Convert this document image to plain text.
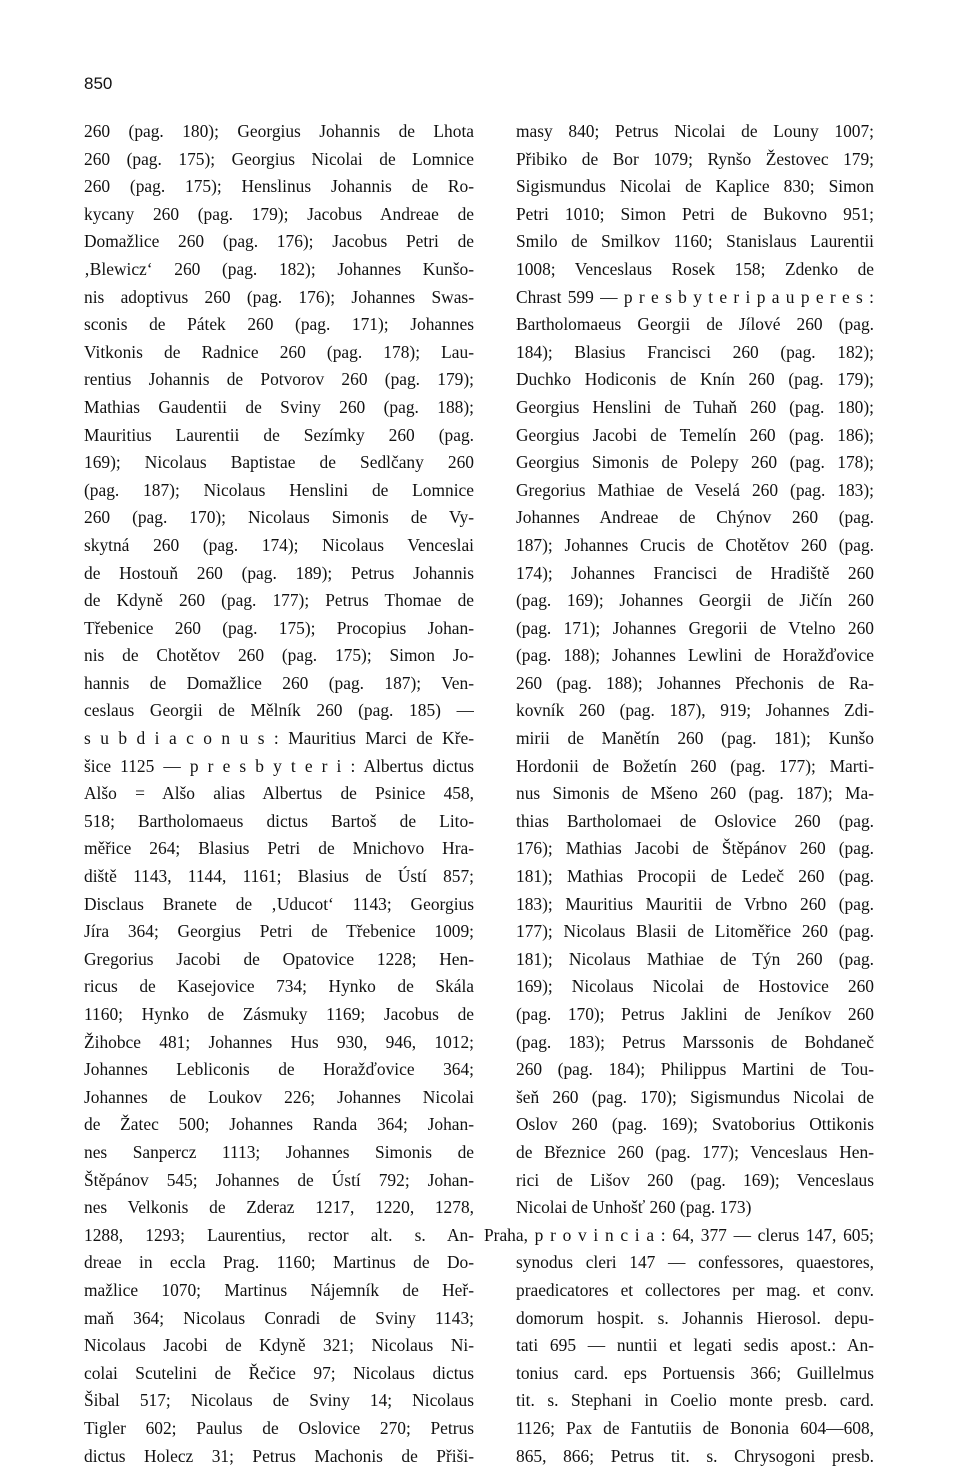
850
260 (pag. 180); Georgius Johannis de Lhota
260 (pag. 175); Georgius Nicolai de Lomnice
260 (pag. 175); Henslinus Johannis de Ro-
kycany 260 (pag. 179); Jacobus Andreae de
Domažlice 260 (pag. 176); Jacobus Petri de
‚Blewicz‘ 260 (pag. 182); Johannes Kunšo-
nis adoptivus 260 (pag. 176); Johannes Swas-
sconis de Pátek 260 (pag. 171); Johannes
Vitkonis de Radnice 260 (pag. 178); Lau-
rentius Johannis de Potvorov 260 (pag. 179);
Mathias Gaudentii de Sviny 260 (pag. 188);
Mauritius Laurentii de Sezímky 260 (pag.
169); Nicolaus Baptistae de Sedlčany 260
(pag. 187); Nicolaus Henslini de Lomnice
260 (pag. 170); Nicolaus Simonis de Vy-
skytná 260 (pag. 174); Nicolaus Venceslai
de Hostouň 260 (pag. 189); Petrus Johannis
de Kdyně 260 (pag. 177); Petrus Thomae de
Třebenice 260 (pag. 175); Procopius Johan-
nis de Chotětov 260 (pag. 175); Simon Jo-
hannis de Domažlice 260 (pag. 187); Ven-
ceslaus Georgii de Mělník 260 (pag. 185) —
s u b d i a c o n u s : Mauritius Marci de Kře-
šice 1125 — p r e s b y t e r i : Albertus dictus
Alšo = Alšo alias Albertus de Psinice 458,
518; Bartholomaeus dictus Bartoš de Lito-
měřice 264; Blasius Petri de Mnichovo Hra-
diště 1143, 1144, 1161; Blasius de Ústí 857;
Disclaus Branete de ‚Uducot‘ 1143; Georgius
Jíra 364; Georgius Petri de Třebenice 1009;
Gregorius Jacobi de Opatovice 1228; Hen-
ricus de Kasejovice 734; Hynko de Skála
1160; Hynko de Zásmuky 1169; Jacobus de
Žihobce 481; Johannes Hus 930, 946, 1012;
Johannes Lebliconis de Horažďovice 364;
Johannes de Loukov 226; Johannes Nicolai
de Žatec 500; Johannes Randa 364; Johan-
nes Sanpercz 1113; Johannes Simonis de
Štěpánov 545; Johannes de Ústí 792; Johan-
nes Velkonis de Zderaz 1217, 1220, 1278,
1288, 1293; Laurentius, rector alt. s. An-
dreae in eccla Prag. 1160; Martinus de Do-
mažlice 1070; Martinus Nájemník de Heř-
maň 364; Nicolaus Conradi de Sviny 1143;
Nicolaus Jacobi de Kdyně 321; Nicolaus Ni-
colai Scutelini de Řečice 97; Nicolaus dictus
Šibal 517; Nicolaus de Sviny 14; Nicolaus
Tigler 602; Paulus de Oslovice 270; Petrus
dictus Holecz 31; Petrus Machonis de Přiši-
masy 840; Petrus Nicolai de Louny 1007;
Přibiko de Bor 1079; Rynšo Žestovec 179;
Sigismundus Nicolai de Kaplice 830; Simon
Petri 1010; Simon Petri de Bukovno 951;
Smilo de Smilkov 1160; Stanislaus Laurentii
1008; Venceslaus Rosek 158; Zdenko de
Chrast 599 — p r e s b y t e r i p a u p e r e s :
Bartholomaeus Georgii de Jílové 260 (pag.
184); Blasius Francisci 260 (pag. 182);
Duchko Hodiconis de Knín 260 (pag. 179);
Georgius Henslini de Tuhaň 260 (pag. 180);
Georgius Jacobi de Temelín 260 (pag. 186);
Georgius Simonis de Polepy 260 (pag. 178);
Gregorius Mathiae de Veselá 260 (pag. 183);
Johannes Andreae de Chýnov 260 (pag.
187); Johannes Crucis de Chotětov 260 (pag.
174); Johannes Francisci de Hradiště 260
(pag. 169); Johannes Georgii de Jičín 260
(pag. 171); Johannes Gregorii de Vtelno 260
(pag. 188); Johannes Lewlini de Horažďovice
260 (pag. 188); Johannes Přechonis de Ra-
kovník 260 (pag. 187), 919; Johannes Zdi-
mirii de Manětín 260 (pag. 181); Kunšo
Hordonii de Božetín 260 (pag. 177); Marti-
nus Simonis de Mšeno 260 (pag. 187); Ma-
thias Bartholomaei de Oslovice 260 (pag.
176); Mathias Jacobi de Štěpánov 260 (pag.
181); Mathias Procopii de Ledeč 260 (pag.
183); Mauritius Mauritii de Vrbno 260 (pag.
177); Nicolaus Blasii de Litoměřice 260 (pag.
181); Nicolaus Mathiae de Týn 260 (pag.
169); Nicolaus Nicolai de Hostovice 260
(pag. 170); Petrus Jaklini de Jeníkov 260
(pag. 183); Petrus Marssonis de Bohdaneč
260 (pag. 184); Philippus Martini de Tou-
šeň 260 (pag. 170); Sigismundus Nicolai de
Oslov 260 (pag. 169); Svatoborius Ottikonis
de Březnice 260 (pag. 177); Venceslaus Hen-
rici de Lišov 260 (pag. 169); Venceslaus
Nicolai de Unhošť 260 (pag. 173)
Praha, p r o v i n c i a : 64, 377 — clerus 147, 605;
synodus cleri 147 — confessores, quaestores,
praedicatores et collectores per mag. et conv.
domorum hospit. s. Johannis Hierosol. depu-
tati 695 — nuntii et legati sedis apost.: An-
tonius card. eps Portuensis 366; Guillelmus
tit. s. Stephani in Coelio monte presb. card.
1126; Pax de Fantutiis de Bononia 604—608,
865, 866; Petrus tit. s. Chrysogoni presb.
